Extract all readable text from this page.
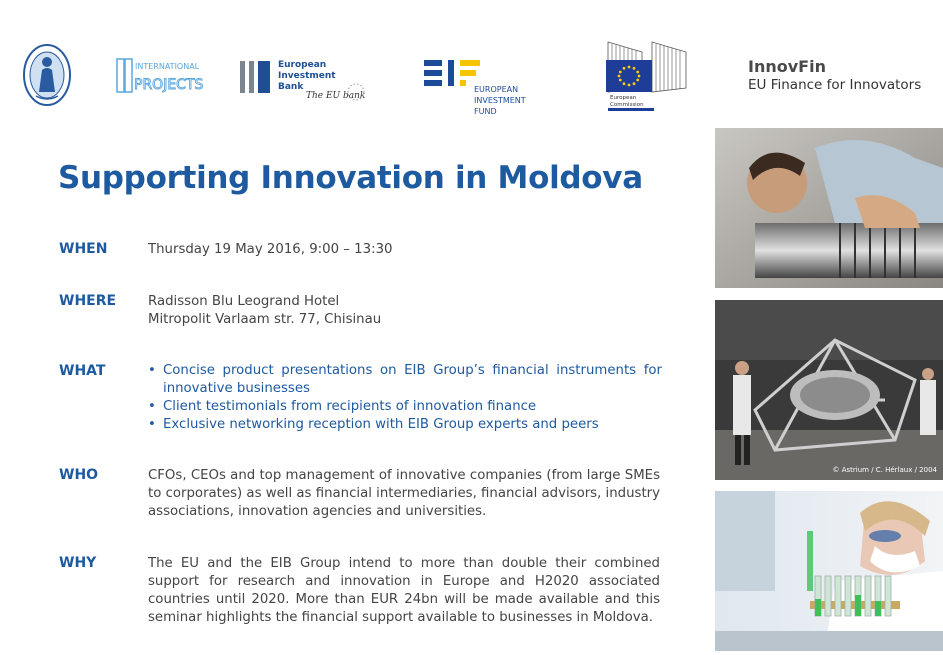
INTERNATIONAL
PROJECTS
European
Investment
Bank
The EU bank
EUROPEAN
INVESTMENT
FUND
European
Commission
InnovFin
EU Finance for Innovators
Supporting Innovation in Moldova
WHEN	Thursday 19 May 2016, 9:00 – 13:30
WHERE Radisson Blu Leogrand Hotel
Mitropolit Varlaam str. 77, Chisinau
WHAT	• Concise product presentations on EIB Group’s financial instruments for innovative businesses
• Client testimonials from recipients of innovation finance
• Exclusive networking reception with EIB Group experts and peers
WHO	CFOs, CEOs and top management of innovative companies (from large SMEs to corporates) as well as financial intermediaries, financial advisors, industry associations, innovation agencies and universities.
WHY	The EU and the EIB Group intend to more than double their combined support for research and innovation in Europe and H2020 associated countries until 2020. More than EUR 24bn will be made available and this seminar highlights the financial support available to businesses in Moldova.
© Astrium / C. Hérlaux / 2004
